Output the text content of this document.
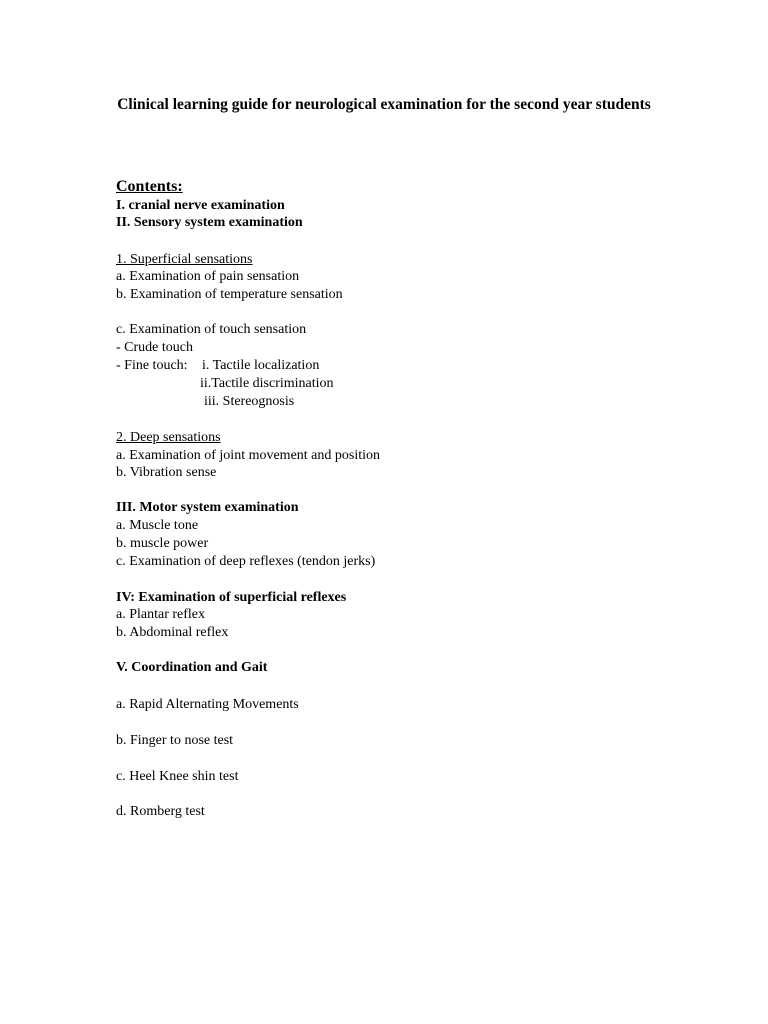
Clinical learning guide for neurological examination for the second year students
Contents:
I. cranial nerve examination
II. Sensory system examination
1. Superficial sensations
a. Examination of pain sensation
b. Examination of temperature sensation
c. Examination of touch sensation
- Crude touch
- Fine touch: i. Tactile localization
ii.Tactile discrimination
iii. Stereognosis
2. Deep sensations
a. Examination of joint movement and position
b. Vibration sense
III. Motor system examination
a. Muscle tone
b. muscle power
c. Examination of deep reflexes (tendon jerks)
IV: Examination of superficial reflexes
a. Plantar reflex
b. Abdominal reflex
V. Coordination and Gait
a. Rapid Alternating Movements
b. Finger to nose test
c. Heel Knee shin test
d. Romberg test
